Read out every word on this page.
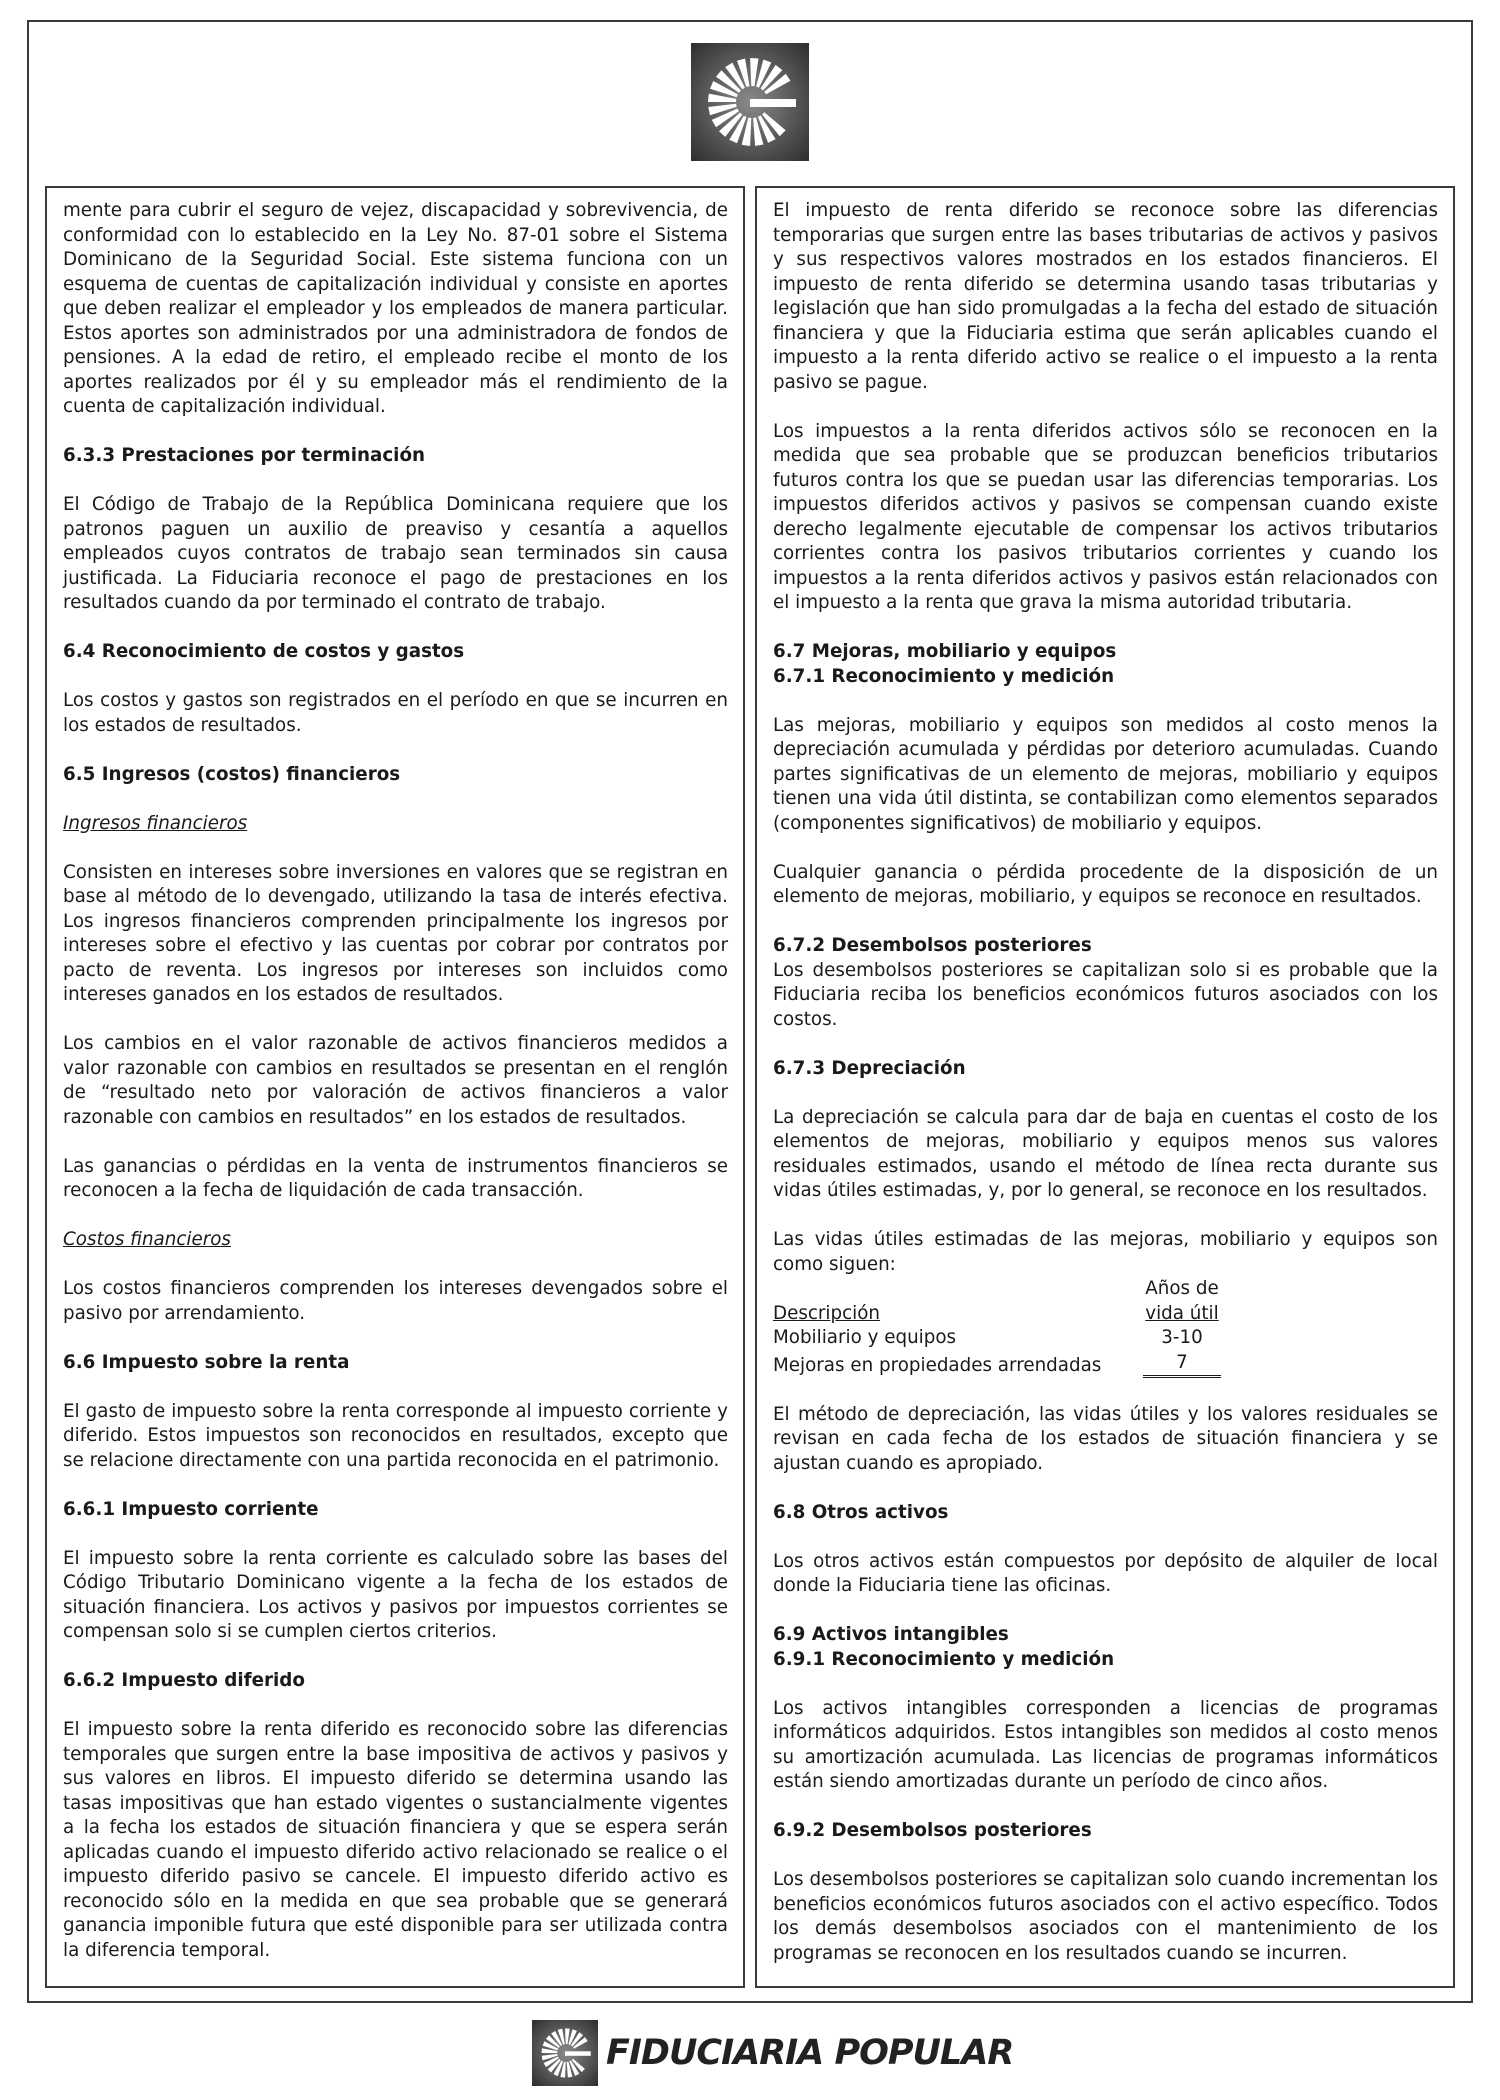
mente para cubrir el seguro de vejez, discapacidad y sobrevivencia, de conformidad con lo establecido en la Ley No. 87-01 sobre el Sistema Dominicano de la Seguridad Social. Este sistema funciona con un esquema de cuentas de capitalización individual y consiste en aportes que deben realizar el empleador y los empleados de manera particular. Estos aportes son administrados por una administradora de fondos de pensiones. A la edad de retiro, el empleado recibe el monto de los aportes realizados por él y su empleador más el rendimiento de la cuenta de capitalización individual.

6.3.3 Prestaciones por terminación

El Código de Trabajo de la República Dominicana requiere que los patronos paguen un auxilio de preaviso y cesantía a aquellos empleados cuyos contratos de trabajo sean terminados sin causa justificada. La Fiduciaria reconoce el pago de prestaciones en los resultados cuando da por terminado el contrato de trabajo.

6.4 Reconocimiento de costos y gastos

Los costos y gastos son registrados en el período en que se incurren en los estados de resultados.

6.5 Ingresos (costos) financieros
Ingresos financieros

Consisten en intereses sobre inversiones en valores que se registran en base al método de lo devengado, utilizando la tasa de interés efectiva. Los ingresos financieros comprenden principalmente los ingresos por intereses sobre el efectivo y las cuentas por cobrar por contratos por pacto de reventa. Los ingresos por intereses son incluidos como intereses ganados en los estados de resultados.

Los cambios en el valor razonable de activos financieros medidos a valor razonable con cambios en resultados se presentan en el renglón de “resultado neto por valoración de activos financieros a valor razonable con cambios en resultados” en los estados de resultados.

Las ganancias o pérdidas en la venta de instrumentos financieros se reconocen a la fecha de liquidación de cada transacción.

Costos financieros

Los costos financieros comprenden los intereses devengados sobre el pasivo por arrendamiento.

6.6 Impuesto sobre la renta

El gasto de impuesto sobre la renta corresponde al impuesto corriente y diferido. Estos impuestos son reconocidos en resultados, excepto que se relacione directamente con una partida reconocida en el patrimonio.

6.6.1 Impuesto corriente

El impuesto sobre la renta corriente es calculado sobre las bases del Código Tributario Dominicano vigente a la fecha de los estados de situación financiera. Los activos y pasivos por impuestos corrientes se compensan solo si se cumplen ciertos criterios.

6.6.2 Impuesto diferido

El impuesto sobre la renta diferido es reconocido sobre las diferencias temporales que surgen entre la base impositiva de activos y pasivos y sus valores en libros. El impuesto diferido se determina usando las tasas impositivas que han estado vigentes o sustancialmente vigentes a la fecha los estados de situación financiera y que se espera serán aplicadas cuando el impuesto diferido activo relacionado se realice o el impuesto diferido pasivo se cancele. El impuesto diferido activo es reconocido sólo en la medida en que sea probable que se generará ganancia imponible futura que esté disponible para ser utilizada contra la diferencia temporal.

El impuesto de renta diferido se reconoce sobre las diferencias temporarias que surgen entre las bases tributarias de activos y pasivos y sus respectivos valores mostrados en los estados financieros. El impuesto de renta diferido se determina usando tasas tributarias y legislación que han sido promulgadas a la fecha del estado de situación financiera y que la Fiduciaria estima que serán aplicables cuando el impuesto a la renta diferido activo se realice o el impuesto a la renta pasivo se pague.

Los impuestos a la renta diferidos activos sólo se reconocen en la medida que sea probable que se produzcan beneficios tributarios futuros contra los que se puedan usar las diferencias temporarias. Los impuestos diferidos activos y pasivos se compensan cuando existe derecho legalmente ejecutable de compensar los activos tributarios corrientes contra los pasivos tributarios corrientes y cuando los impuestos a la renta diferidos activos y pasivos están relacionados con el impuesto a la renta que grava la misma autoridad tributaria.

6.7 Mejoras, mobiliario y equipos
6.7.1 Reconocimiento y medición

Las mejoras, mobiliario y equipos son medidos al costo menos la depreciación acumulada y pérdidas por deterioro acumuladas. Cuando partes significativas de un elemento de mejoras, mobiliario y equipos tienen una vida útil distinta, se contabilizan como elementos separados (componentes significativos) de mobiliario y equipos.

Cualquier ganancia o pérdida procedente de la disposición de un elemento de mejoras, mobiliario, y equipos se reconoce en resultados.

6.7.2 Desembolsos posteriores

Los desembolsos posteriores se capitalizan solo si es probable que la Fiduciaria reciba los beneficios económicos futuros asociados con los costos.

6.7.3 Depreciación

La depreciación se calcula para dar de baja en cuentas el costo de los elementos de mejoras, mobiliario y equipos menos sus valores residuales estimados, usando el método de línea recta durante sus vidas útiles estimadas, y, por lo general, se reconoce en los resultados.

Las vidas útiles estimadas de las mejoras, mobiliario y equipos son como siguen:

	Años de
Descripción	vida útil
Mobiliario y equipos	3-10
Mejoras en propiedades arrendadas	7

El método de depreciación, las vidas útiles y los valores residuales se revisan en cada fecha de los estados de situación financiera y se ajustan cuando es apropiado.

6.8 Otros activos

Los otros activos están compuestos por depósito de alquiler de local donde la Fiduciaria tiene las oficinas.

6.9 Activos intangibles
6.9.1 Reconocimiento y medición

Los activos intangibles corresponden a licencias de programas informáticos adquiridos. Estos intangibles son medidos al costo menos su amortización acumulada. Las licencias de programas informáticos están siendo amortizadas durante un período de cinco años.

6.9.2 Desembolsos posteriores

Los desembolsos posteriores se capitalizan solo cuando incrementan los beneficios económicos futuros asociados con el activo específico. Todos los demás desembolsos asociados con el mantenimiento de los programas se reconocen en los resultados cuando se incurren.

FIDUCIARIA POPULAR
